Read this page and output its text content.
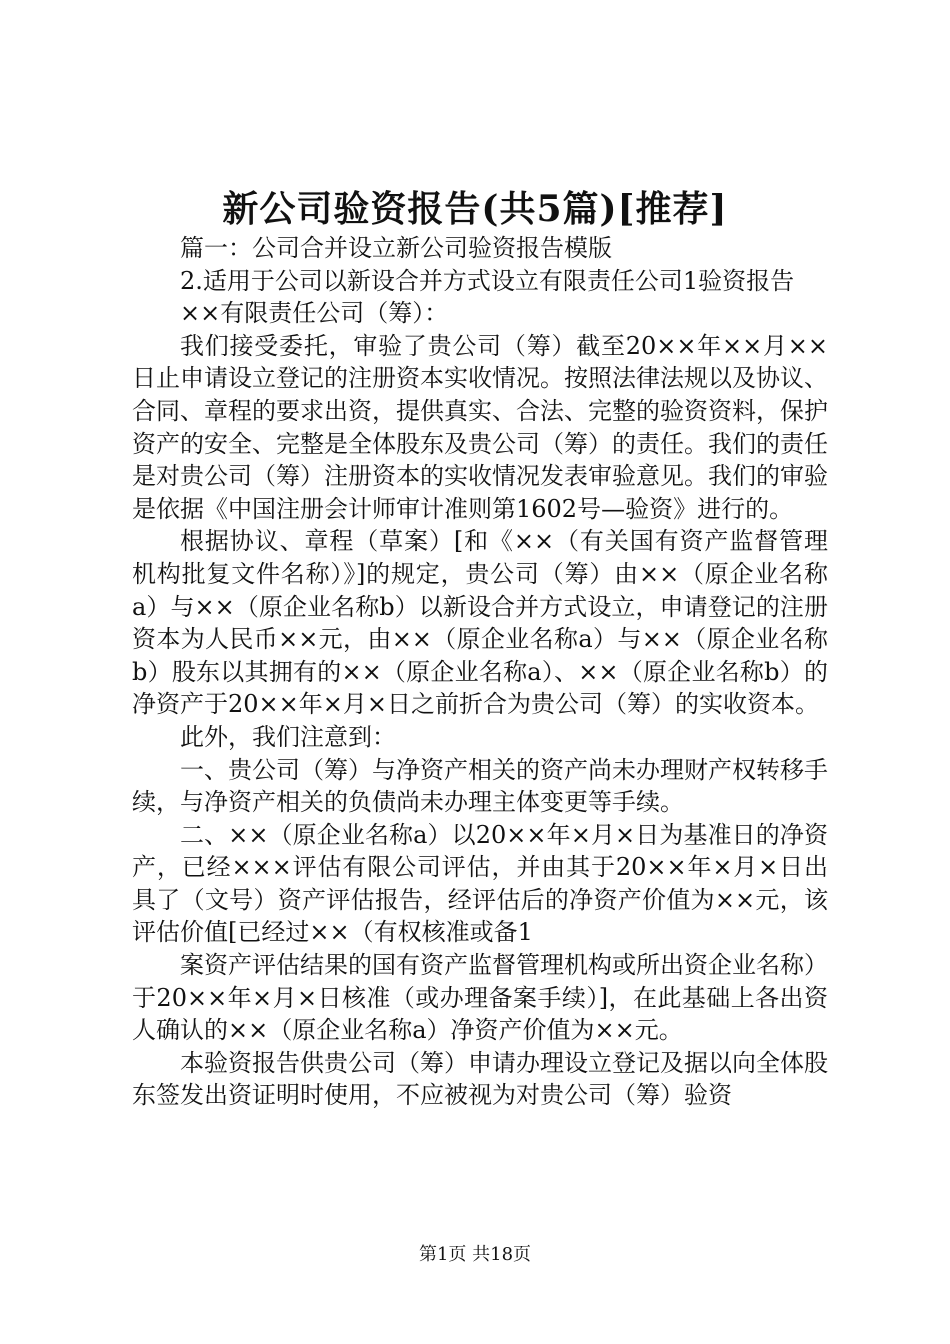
新公司验资报告(共5篇)[推荐]

篇一：公司合并设立新公司验资报告模版

2.适用于公司以新设合并方式设立有限责任公司1验资报告

××有限责任公司（筹）：

我们接受委托，审验了贵公司（筹）截至20××年××月××日止申请设立登记的注册资本实收情况。按照法律法规以及协议、合同、章程的要求出资，提供真实、合法、完整的验资资料，保护资产的安全、完整是全体股东及贵公司（筹）的责任。我们的责任是对贵公司（筹）注册资本的实收情况发表审验意见。我们的审验是依据《中国注册会计师审计准则第1602号—验资》进行的。

根据协议、章程（草案）[和《××（有关国有资产监督管理机构批复文件名称）》]的规定，贵公司（筹）由××（原企业名称a）与××（原企业名称b）以新设合并方式设立，申请登记的注册资本为人民币××元，由××（原企业名称a）与××（原企业名称b）股东以其拥有的××（原企业名称a）、××（原企业名称b）的净资产于20××年×月×日之前折合为贵公司（筹）的实收资本。

此外，我们注意到：

一、贵公司（筹）与净资产相关的资产尚未办理财产权转移手续，与净资产相关的负债尚未办理主体变更等手续。

二、××（原企业名称a）以20××年×月×日为基准日的净资产，已经×××评估有限公司评估，并由其于20××年×月×日出具了（文号）资产评估报告，经评估后的净资产价值为××元，该评估价值[已经过××（有权核准或备1

案资产评估结果的国有资产监督管理机构或所出资企业名称）于20××年×月×日核准（或办理备案手续）]，在此基础上各出资人确认的××（原企业名称a）净资产价值为××元。

本验资报告供贵公司（筹）申请办理设立登记及据以向全体股东签发出资证明时使用，不应被视为对贵公司（筹）验资

第1页 共18页
